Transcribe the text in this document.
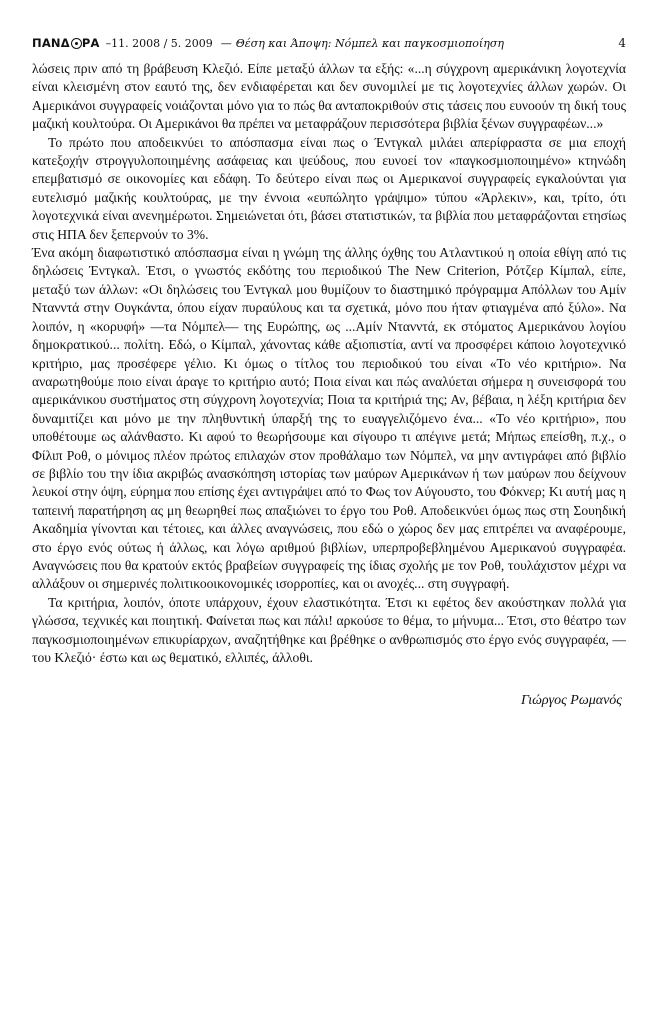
ΠΑΝΔ ΡΑ –11. 2008 / 5. 2009 — Θέση και Άποψη: Νόμπελ και παγκοσμιοποίηση	4

λώσεις πριν από τη βράβευση Κλεζιό. Είπε μεταξύ άλλων τα εξής: «...η σύγχρονη αμερικάνικη λογοτεχνία είναι κλεισμένη στον εαυτό της, δεν ενδιαφέρεται και δεν συνομιλεί με τις λογοτεχνίες άλλων χωρών. Οι Αμερικάνοι συγγραφείς νοιάζονται μόνο για το πώς θα ανταποκριθούν στις τάσεις που ευνοούν τη δική τους μαζική κουλτούρα. Οι Αμερικάνοι θα πρέπει να μεταφράζουν περισσότερα βιβλία ξένων συγγραφέων...»

Το πρώτο που αποδεικνύει το απόσπασμα είναι πως ο Έντγκαλ μιλάει απερίφραστα σε μια εποχή κατεξοχήν στρογγυλοποιημένης ασάφειας και ψεύδους, που ευνοεί τον «παγκοσμιοποιημένο» κτηνώδη επεμβατισμό σε οικονομίες και εδάφη. Το δεύτερο είναι πως οι Αμερικανοί συγγραφείς εγκαλούνται για ευτελισμό μαζικής κουλτούρας, με την έννοια «ευπώλητο γράψιμο» τύπου «Άρλεκιν», και, τρίτο, ότι λογοτεχνικά είναι ανενημέρωτοι. Σημειώνεται ότι, βάσει στατιστικών, τα βιβλία που μεταφράζονται ετησίως στις ΗΠΑ δεν ξεπερνούν το 3%.

Ένα ακόμη διαφωτιστικό απόσπασμα είναι η γνώμη της άλλης όχθης του Ατλαντικού η οποία εθίγη από τις δηλώσεις Έντγκαλ. Έτσι, ο γνωστός εκδότης του περιοδικού The New Criterion, Ρότζερ Κίμπαλ, είπε, μεταξύ των άλλων: «Οι δηλώσεις του Έντγκαλ μου θυμίζουν το διαστημικό πρόγραμμα Απόλλων του Αμίν Ντανντά στην Ουγκάντα, όπου είχαν πυραύλους και τα σχετικά, μόνο που ήταν φτιαγμένα από ξύλο». Να λοιπόν, η «κορυφή» —τα Νόμπελ— της Ευρώπης, ως ...Αμίν Ντανντά, εκ στόματος Αμερικάνου λογίου δημοκρατικού... πολίτη. Εδώ, ο Κίμπαλ, χάνοντας κάθε αξιοπιστία, αντί να προσφέρει κάποιο λογοτεχνικό κριτήριο, μας προσέφερε γέλιο. Κι όμως ο τίτλος του περιοδικού του είναι «Το νέο κριτήριο». Να αναρωτηθούμε ποιο είναι άραγε το κριτήριο αυτό; Ποια είναι και πώς αναλύεται σήμερα η συνεισφορά του αμερικάνικου συστήματος στη σύγχρονη λογοτεχνία; Ποια τα κριτήριά της; Αν, βέβαια, η λέξη κριτήρια δεν δυναμιτίζει και μόνο με την πληθυντική ύπαρξή της το ευαγγελιζόμενο ένα... «Το νέο κριτήριο», που υποθέτουμε ως αλάνθαστο. Κι αφού το θεωρήσουμε και σίγουρο τι απέγινε μετά; Μήπως επείσθη, π.χ., ο Φίλιπ Ροθ, ο μόνιμος πλέον πρώτος επιλαχών στον προθάλαμο των Νόμπελ, να μην αντιγράφει από βιβλίο σε βιβλίο του την ίδια ακριβώς ανασκόπηση ιστορίας των μαύρων Αμερικάνων ή των μαύρων που δείχνουν λευκοί στην όψη, εύρημα που επίσης έχει αντιγράψει από το Φως τον Αύγουστο, του Φόκνερ; Κι αυτή μας η ταπεινή παρατήρηση ας μη θεωρηθεί πως απαξιώνει το έργο του Ροθ. Αποδεικνύει όμως πως στη Σουηδική Ακαδημία γίνονται και τέτοιες, και άλλες αναγνώσεις, που εδώ ο χώρος δεν μας επιτρέπει να αναφέρουμε, στο έργο ενός ούτως ή άλλως, και λόγω αριθμού βιβλίων, υπερπροβεβλημένου Αμερικανού συγγραφέα. Αναγνώσεις που θα κρατούν εκτός βραβείων συγγραφείς της ίδιας σχολής με τον Ροθ, τουλάχιστον μέχρι να αλλάξουν οι σημερινές πολιτικοοικονομικές ισορροπίες, και οι ανοχές... στη συγγραφή.

Τα κριτήρια, λοιπόν, όποτε υπάρχουν, έχουν ελαστικότητα. Έτσι κι εφέτος δεν ακούστηκαν πολλά για γλώσσα, τεχνικές και ποιητική. Φαίνεται πως και πάλι! αρκούσε το θέμα, το μήνυμα... Έτσι, στο θέατρο των παγκοσμιοποιημένων επικυρίαρχων, αναζητήθηκε και βρέθηκε ο ανθρωπισμός στο έργο ενός συγγραφέα, —του Κλεζιό· έστω και ως θεματικό, ελλιπές, άλλοθι.

Γιώργος Ρωμανός
